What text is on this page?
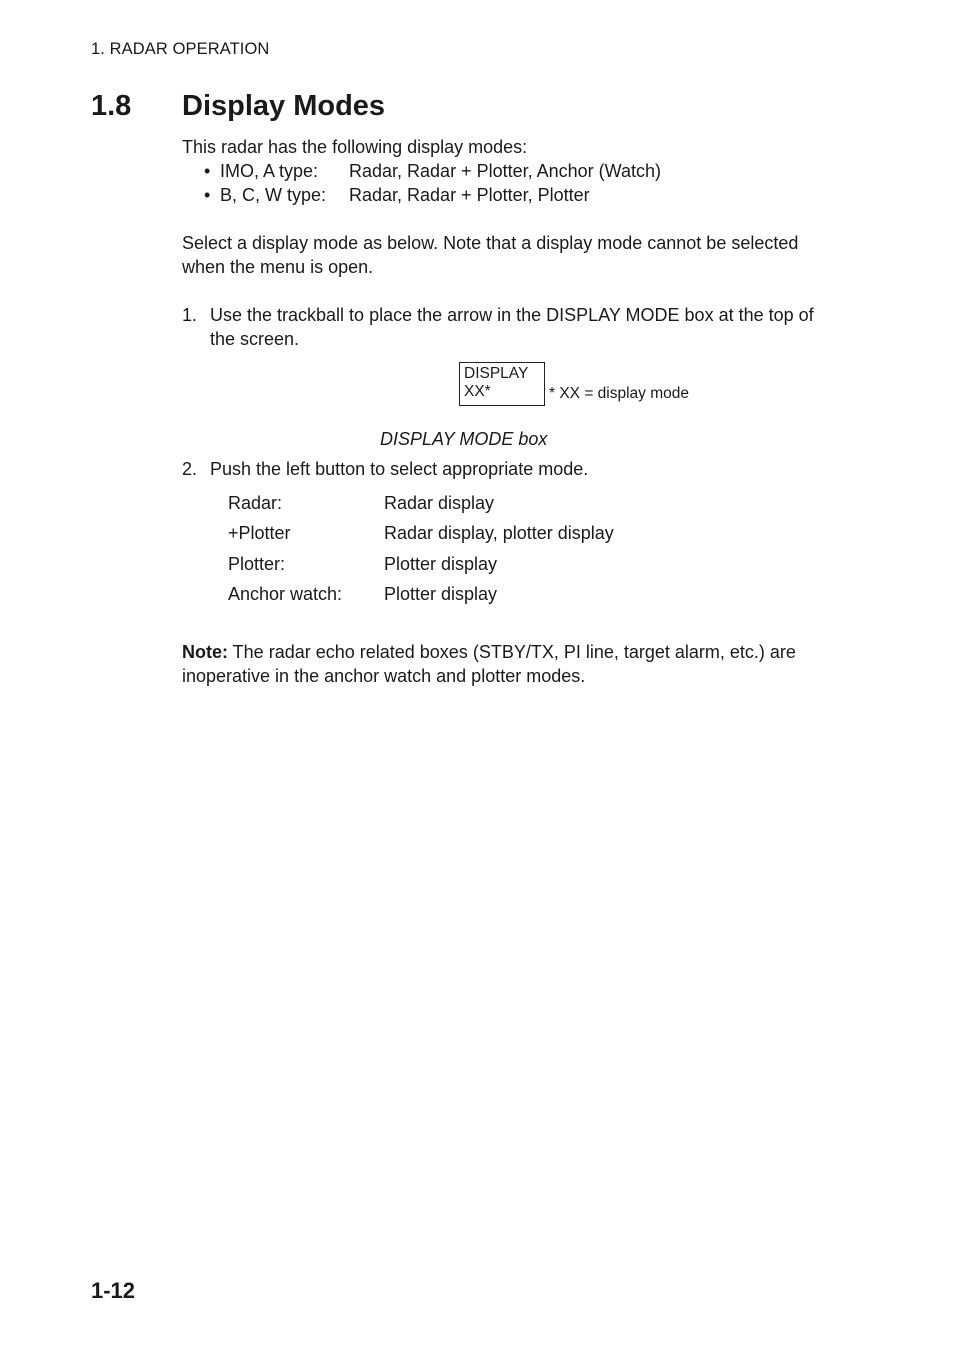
1. RADAR OPERATION
1.8 Display Modes
This radar has the following display modes:
• IMO, A type: Radar, Radar + Plotter, Anchor (Watch)
• B, C, W type: Radar, Radar + Plotter, Plotter
Select a display mode as below. Note that a display mode cannot be selected
when the menu is open.
1. Use the trackball to place the arrow in the DISPLAY MODE box at the top of
the screen.
DISPLAY
XX*	* XX = display mode
DISPLAY MODE box
2. Push the left button to select appropriate mode.
Radar:	Radar display
+Plotter	Radar display, plotter display
Plotter:	Plotter display
Anchor watch: Plotter display
Note: The radar echo related boxes (STBY/TX, PI line, target alarm, etc.) are
inoperative in the anchor watch and plotter modes.
1-12
